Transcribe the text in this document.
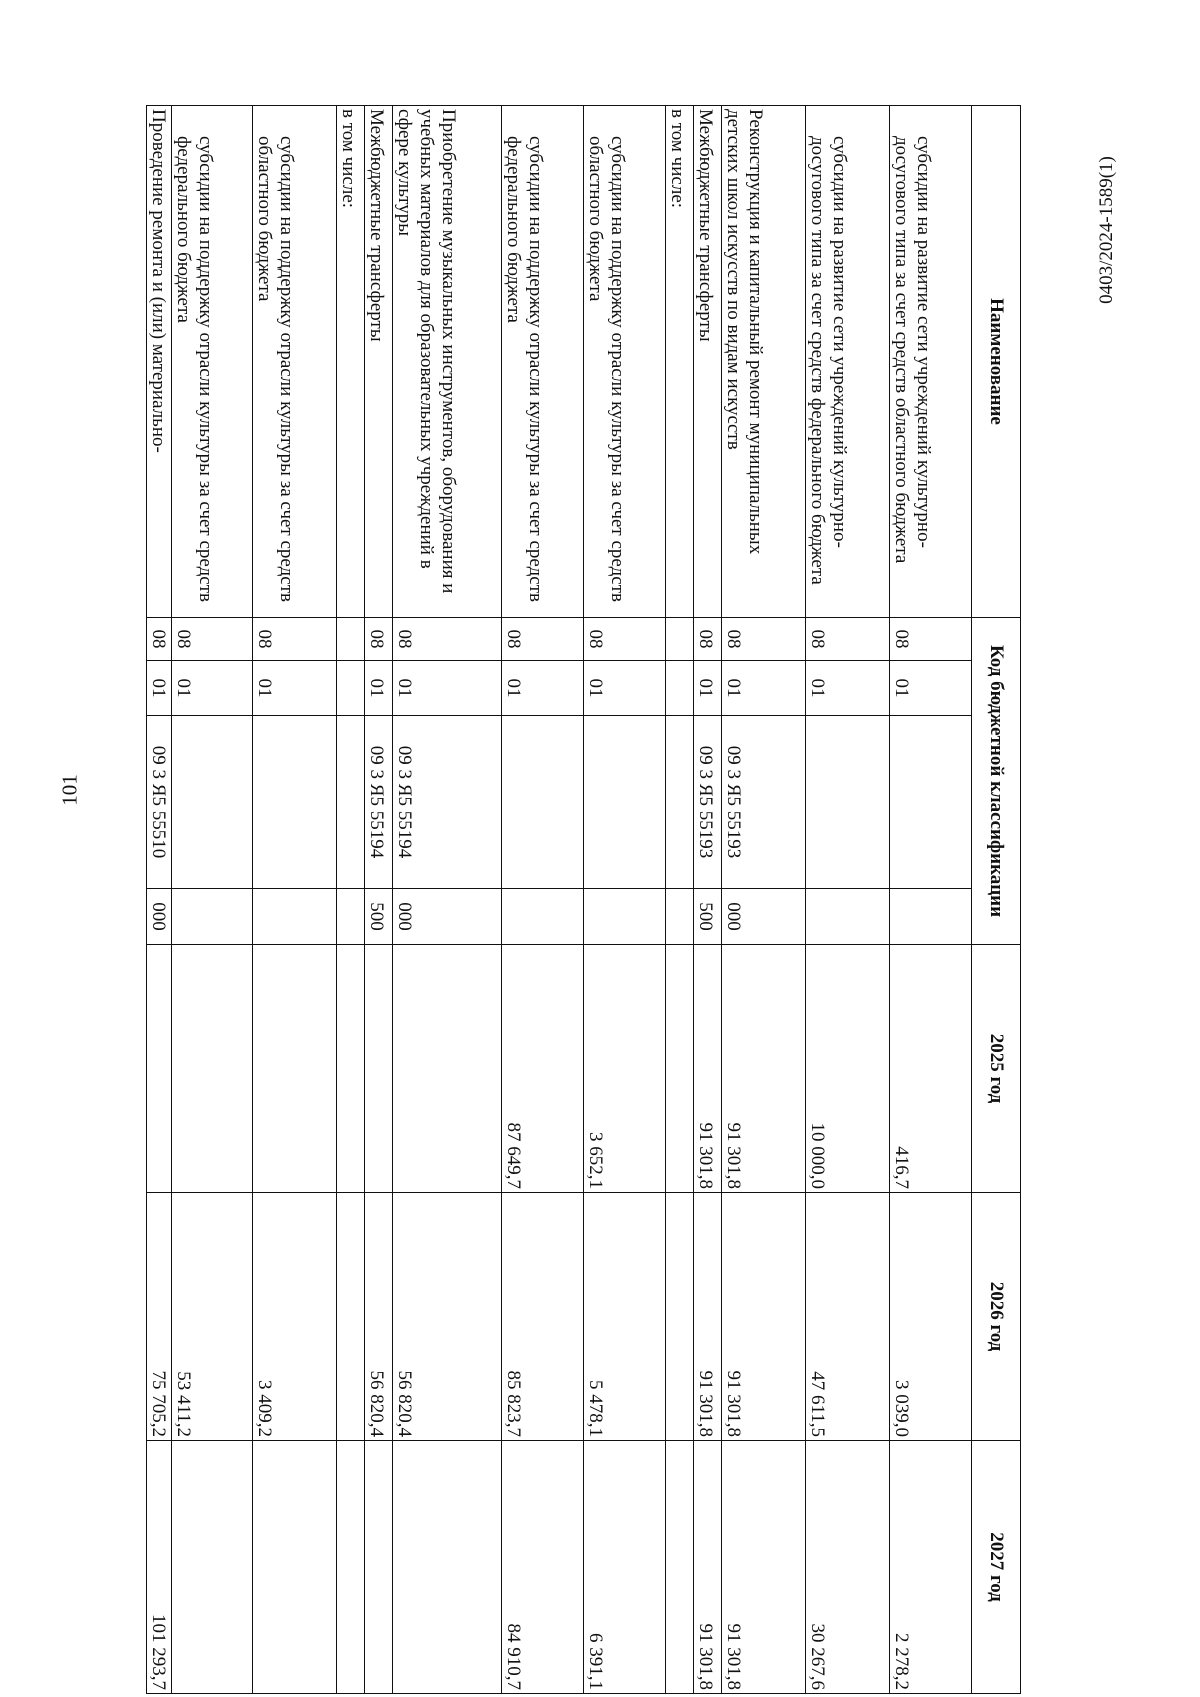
101
0403/2024-1589(1)
Наименование	Код бюджетной классификации				2025 год	2026 год	2027 год

субсидии на развитие сети учреждений культурно-досугового типа за счет средств областного бюджета	08	01			416,7	3 039,0	2 278,2
субсидии на развитие сети учреждений культурно-досугового типа за счет средств федерального бюджета	08	01			10 000,0	47 611,5	30 267,6
Реконструкция и капитальный ремонт муниципальных детских школ искусств по видам искусств	08	01	09 3 Я5 55193	000	91 301,8	91 301,8	91 301,8
Межбюджетные трансферты	08	01	09 3 Я5 55193	500	91 301,8	91 301,8	91 301,8
в том числе:							
субсидии на поддержку отрасли культуры за счет средств областного бюджета	08	01			3 652,1	5 478,1	6 391,1
субсидии на поддержку отрасли культуры за счет средств федерального бюджета	08	01			87 649,7	85 823,7	84 910,7
Приобретение музыкальных инструментов, оборудования и учебных материалов для образовательных учреждений в сфере культуры	08	01	09 3 Я5 55194	000		56 820,4	
Межбюджетные трансферты	08	01	09 3 Я5 55194	500		56 820,4	
в том числе:							
субсидии на поддержку отрасли культуры за счет средств областного бюджета	08	01				3 409,2	
субсидии на поддержку отрасли культуры за счет средств федерального бюджета	08	01				53 411,2	
Проведение ремонта и (или) материально-	08	01	09 3 Я5 55510	000		75 705,2	101 293,7
